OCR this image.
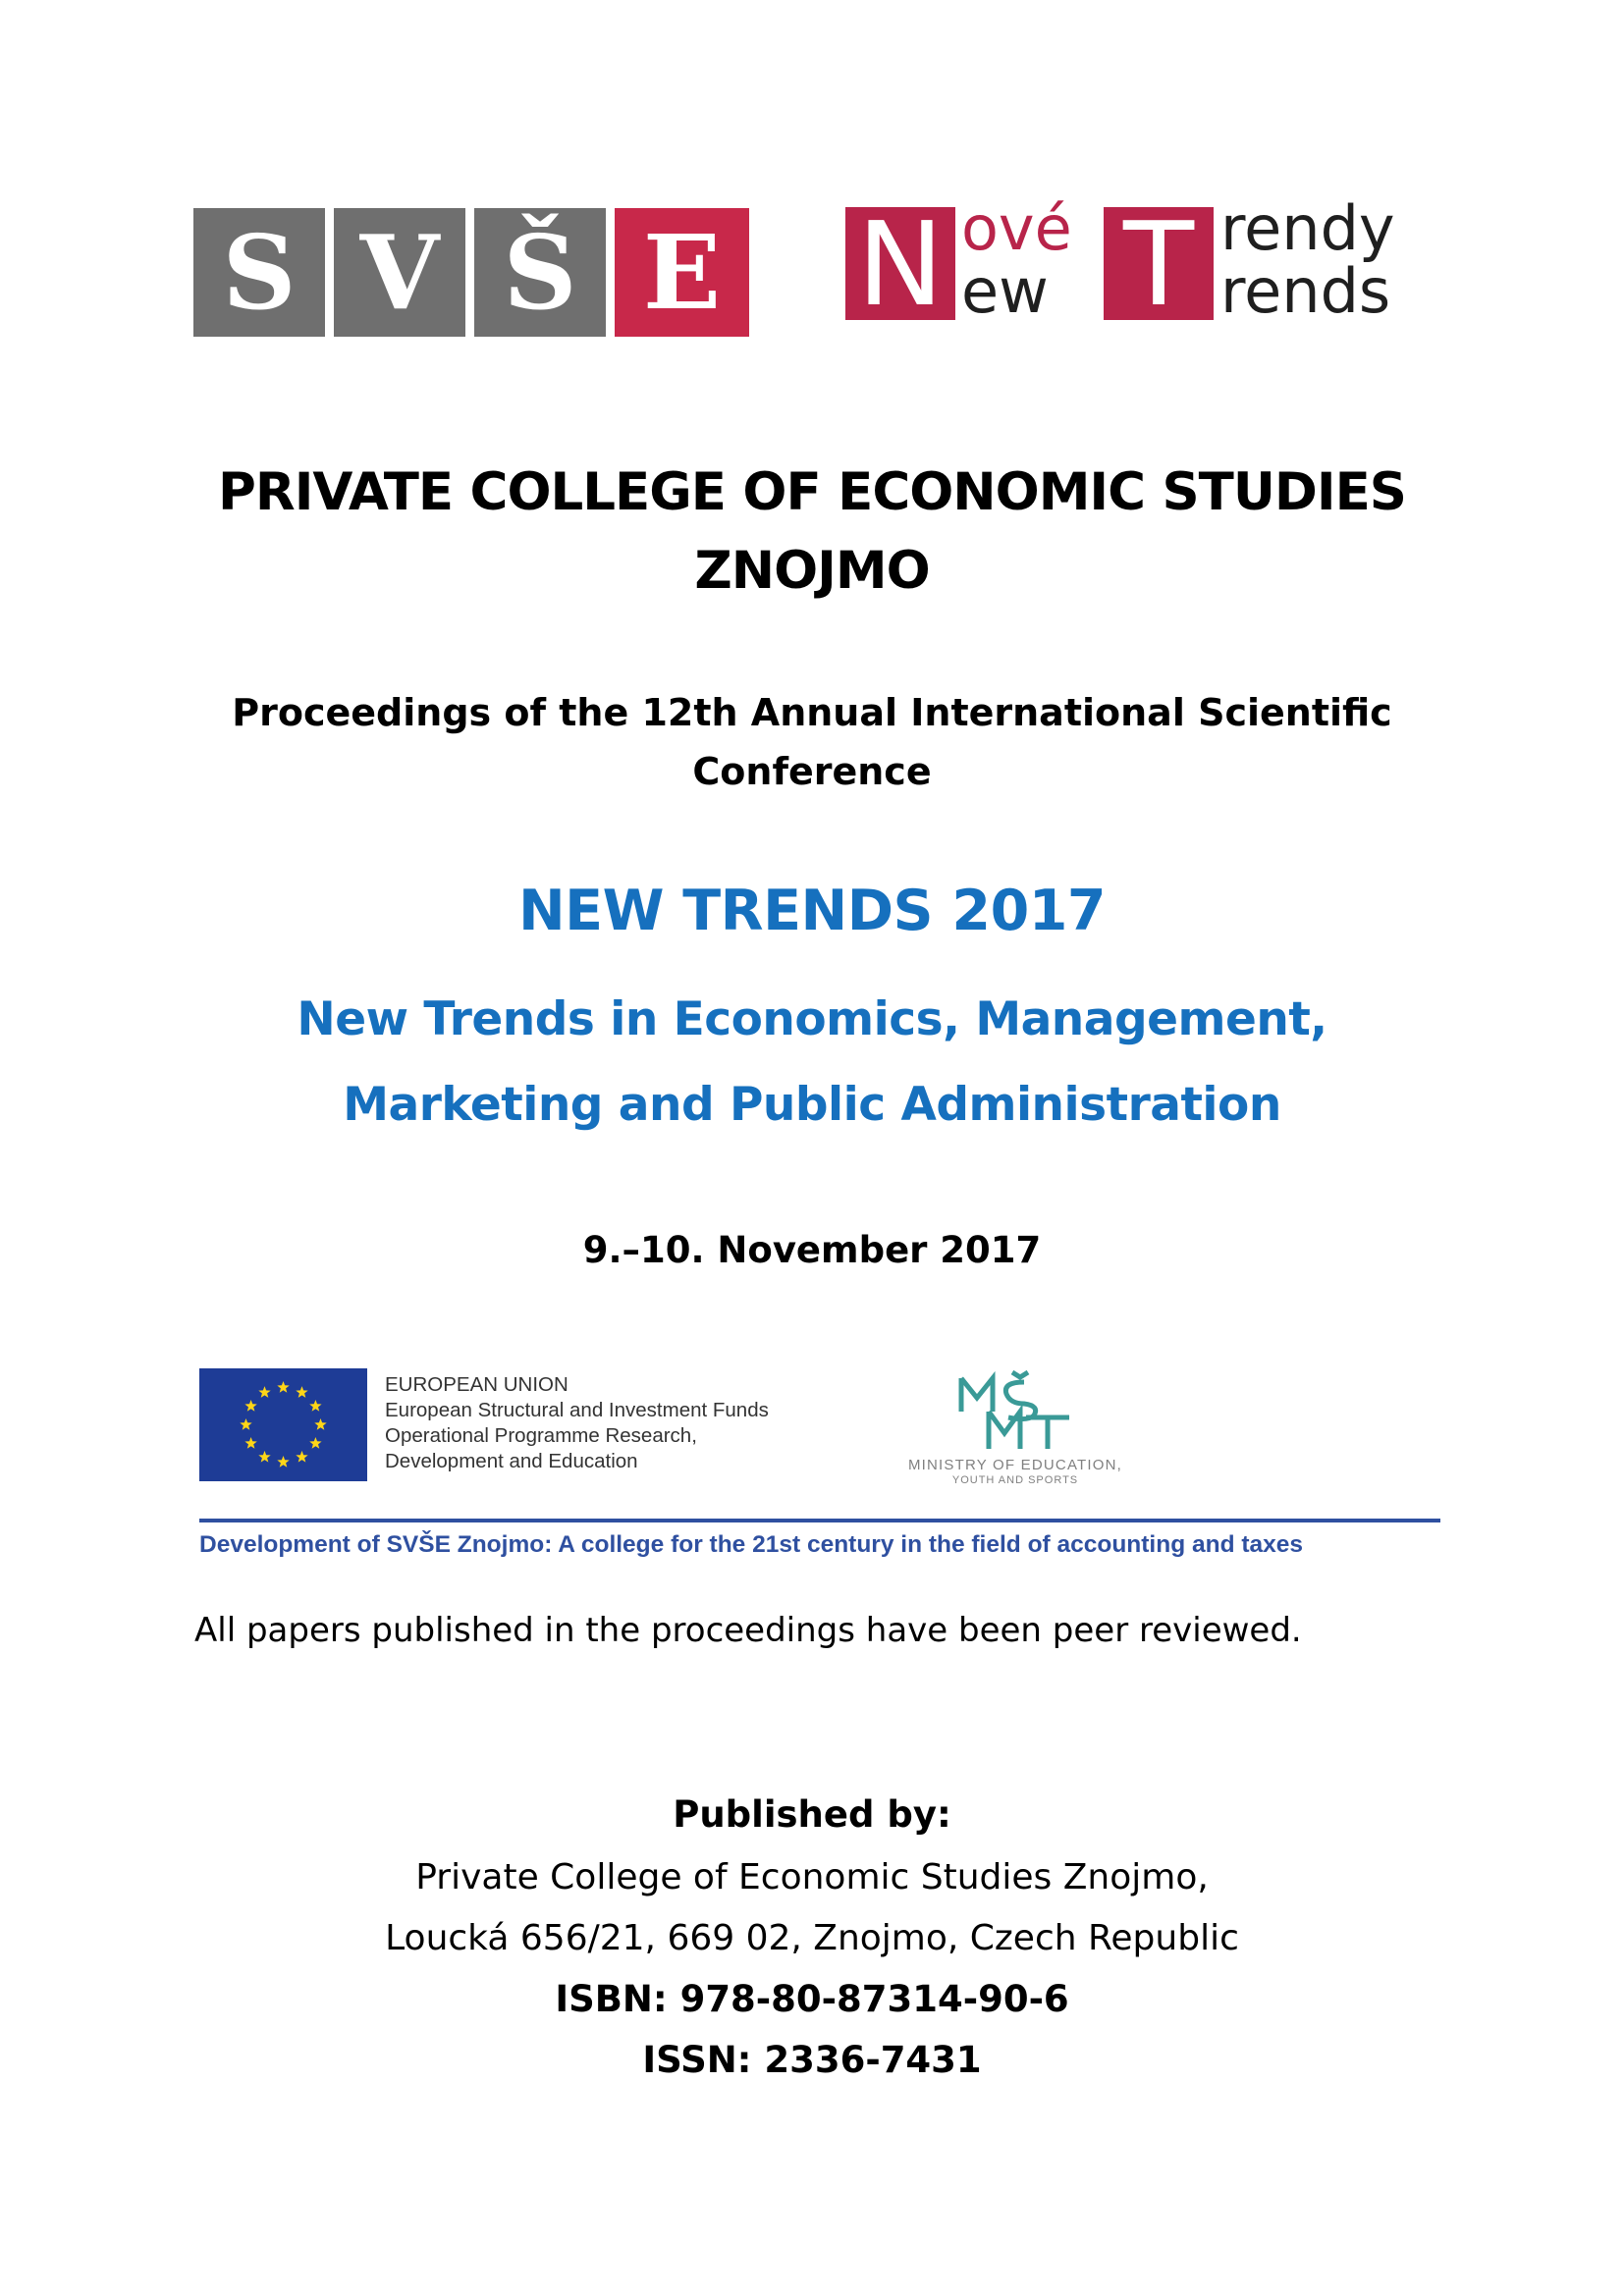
S V Š E N ové
ew T rendy
rends
PRIVATE COLLEGE OF ECONOMIC STUDIES
ZNOJMO
Proceedings of the 12th Annual International Scientific
Conference
NEW TRENDS 2017
New Trends in Economics, Management,
Marketing and Public Administration
9.–10. November 2017
EUROPEAN UNION
European Structural and Investment Funds
Operational Programme Research,
Development and Education	MINISTRY OF EDUCATION,
YOUTH AND SPORTS
Development of SVŠE Znojmo: A college for the 21st century in the field of accounting and taxes
All papers published in the proceedings have been peer reviewed.
Published by:
Private College of Economic Studies Znojmo,
Loucká 656/21, 669 02, Znojmo, Czech Republic
ISBN: 978-80-87314-90-6
ISSN: 2336-7431
